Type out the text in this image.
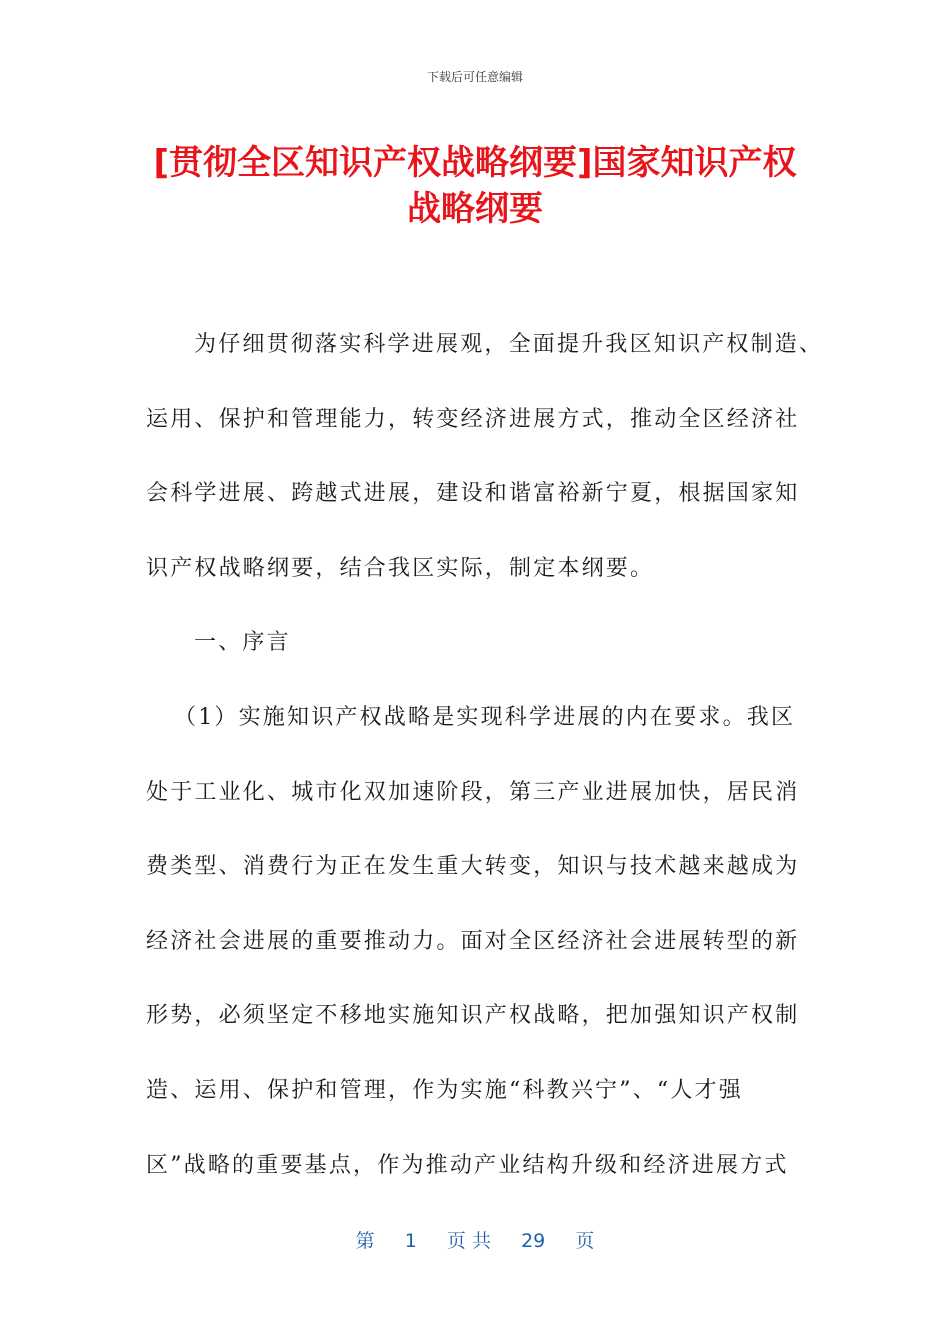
下载后可任意编辑
[贯彻全区知识产权战略纲要]国家知识产权
战略纲要
为仔细贯彻落实科学进展观，全面提升我区知识产权制造、
运用、保护和管理能力，转变经济进展方式，推动全区经济社
会科学进展、跨越式进展，建设和谐富裕新宁夏，根据国家知
识产权战略纲要，结合我区实际，制定本纲要。
一、序言
（1）实施知识产权战略是实现科学进展的内在要求。我区
处于工业化、城市化双加速阶段，第三产业进展加快，居民消
费类型、消费行为正在发生重大转变，知识与技术越来越成为
经济社会进展的重要推动力。面对全区经济社会进展转型的新
形势，必须坚定不移地实施知识产权战略，把加强知识产权制
造、运用、保护和管理，作为实施“科教兴宁”、“人才强
区”战略的重要基点，作为推动产业结构升级和经济进展方式
第 1 页 共 29 页
